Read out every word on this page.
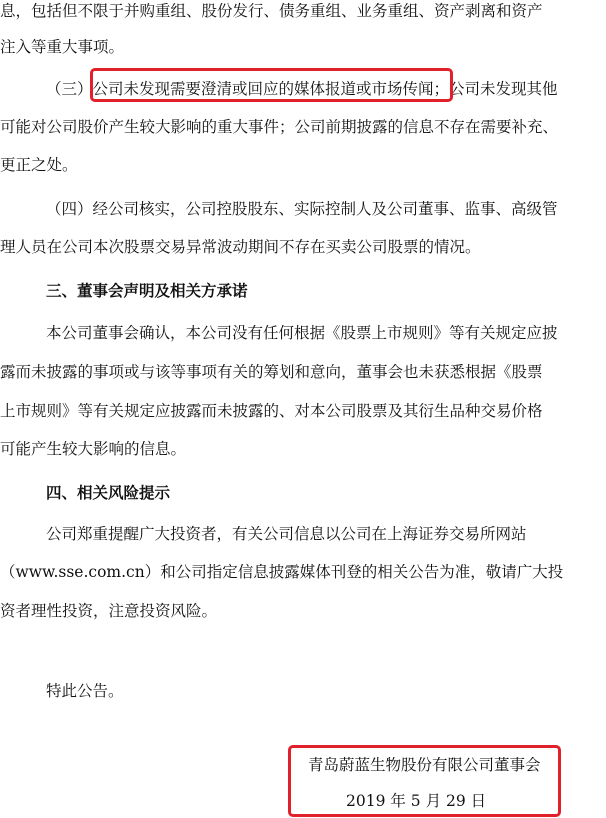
息，包括但不限于并购重组、股份发行、债务重组、业务重组、资产剥离和资产
注入等重大事项。
（三）公司未发现需要澄清或回应的媒体报道或市场传闻；公司未发现其他
可能对公司股价产生较大影响的重大事件；公司前期披露的信息不存在需要补充、
更正之处。
（四）经公司核实，公司控股股东、实际控制人及公司董事、监事、高级管
理人员在公司本次股票交易异常波动期间不存在买卖公司股票的情况。
三、董事会声明及相关方承诺
本公司董事会确认，本公司没有任何根据《股票上市规则》等有关规定应披
露而未披露的事项或与该等事项有关的筹划和意向，董事会也未获悉根据《股票
上市规则》等有关规定应披露而未披露的、对本公司股票及其衍生品种交易价格
可能产生较大影响的信息。
四、相关风险提示
公司郑重提醒广大投资者，有关公司信息以公司在上海证券交易所网站
（www.sse.com.cn）和公司指定信息披露媒体刊登的相关公告为准，敬请广大投
资者理性投资，注意投资风险。
特此公告。
青岛蔚蓝生物股份有限公司董事会
2019 年 5 月 29 日
